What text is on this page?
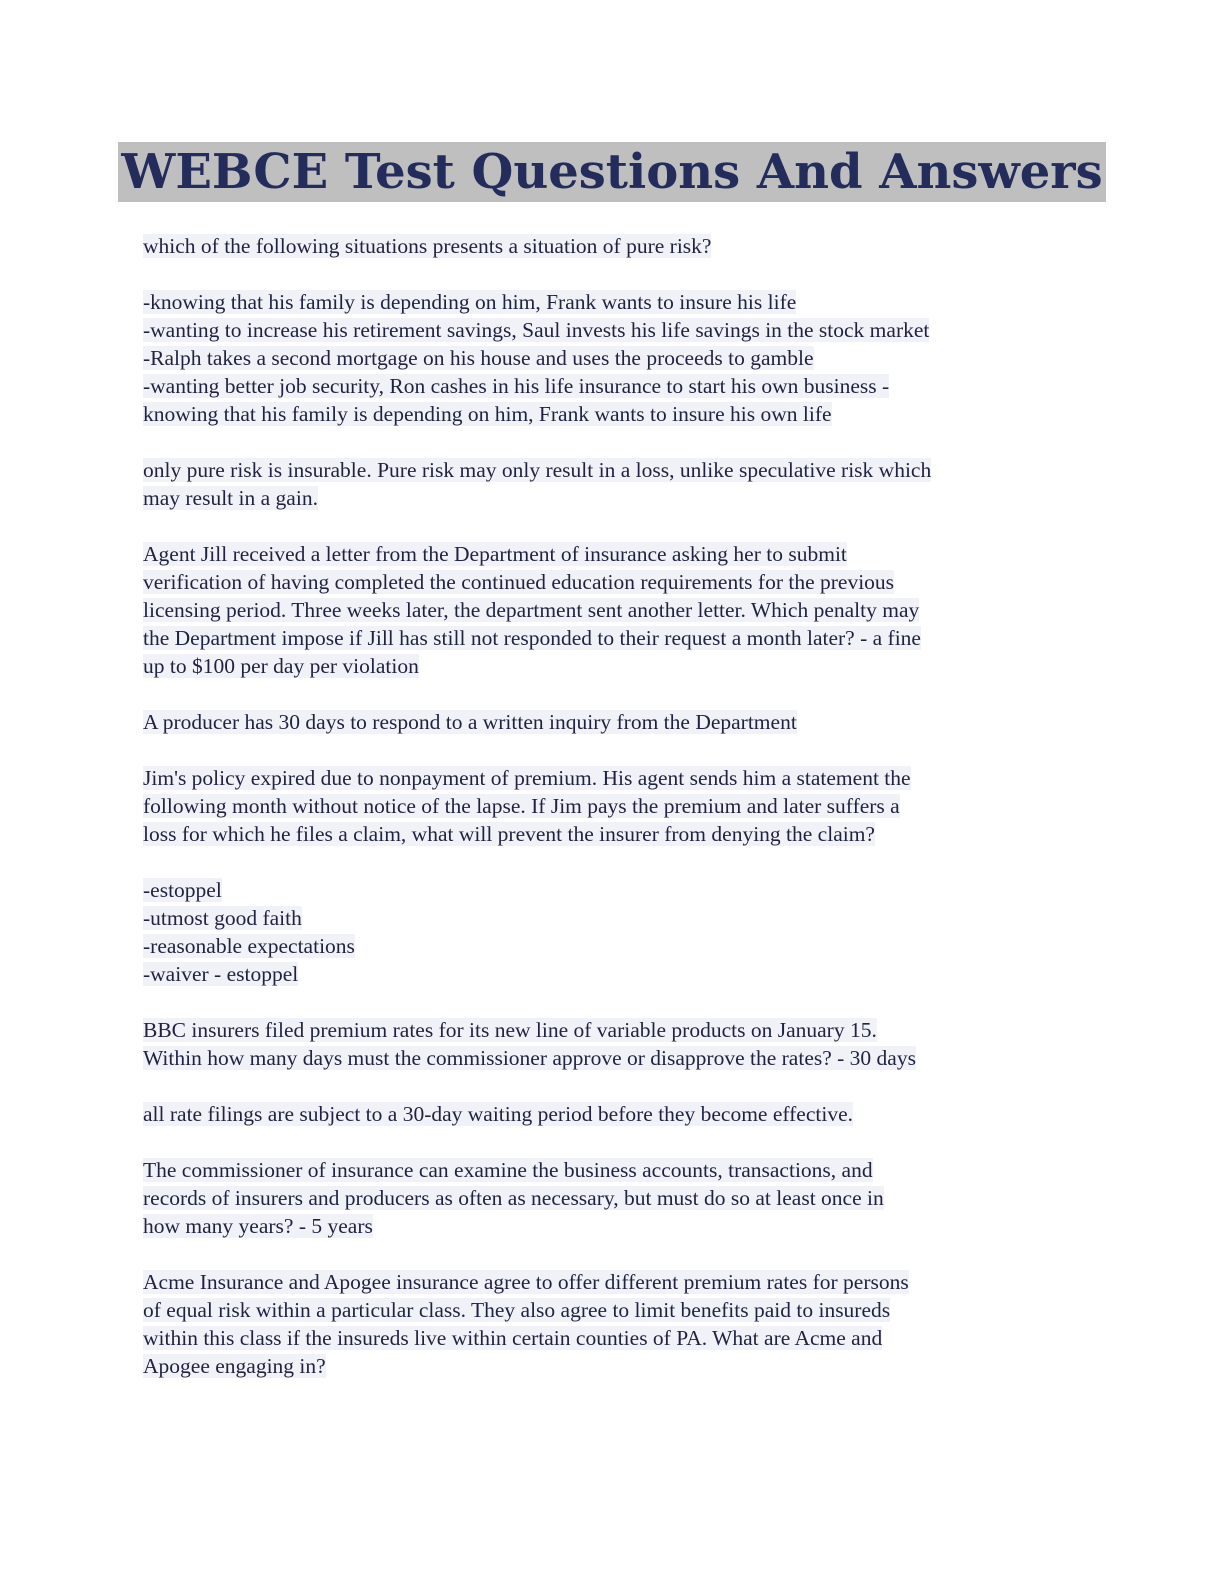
WEBCE Test Questions And Answers
which of the following situations presents a situation of pure risk?
-knowing that his family is depending on him, Frank wants to insure his life
-wanting to increase his retirement savings, Saul invests his life savings in the stock market
-Ralph takes a second mortgage on his house and uses the proceeds to gamble
-wanting better job security, Ron cashes in his life insurance to start his own business -
knowing that his family is depending on him, Frank wants to insure his own life
only pure risk is insurable. Pure risk may only result in a loss, unlike speculative risk which
may result in a gain.
Agent Jill received a letter from the Department of insurance asking her to submit
verification of having completed the continued education requirements for the previous
licensing period. Three weeks later, the department sent another letter. Which penalty may
the Department impose if Jill has still not responded to their request a month later? - a fine
up to $100 per day per violation
A producer has 30 days to respond to a written inquiry from the Department
Jim's policy expired due to nonpayment of premium. His agent sends him a statement the
following month without notice of the lapse. If Jim pays the premium and later suffers a
loss for which he files a claim, what will prevent the insurer from denying the claim?
-estoppel
-utmost good faith
-reasonable expectations
-waiver - estoppel
BBC insurers filed premium rates for its new line of variable products on January 15.
Within how many days must the commissioner approve or disapprove the rates? - 30 days
all rate filings are subject to a 30-day waiting period before they become effective.
The commissioner of insurance can examine the business accounts, transactions, and
records of insurers and producers as often as necessary, but must do so at least once in
how many years? - 5 years
Acme Insurance and Apogee insurance agree to offer different premium rates for persons
of equal risk within a particular class. They also agree to limit benefits paid to insureds
within this class if the insureds live within certain counties of PA. What are Acme and
Apogee engaging in?
